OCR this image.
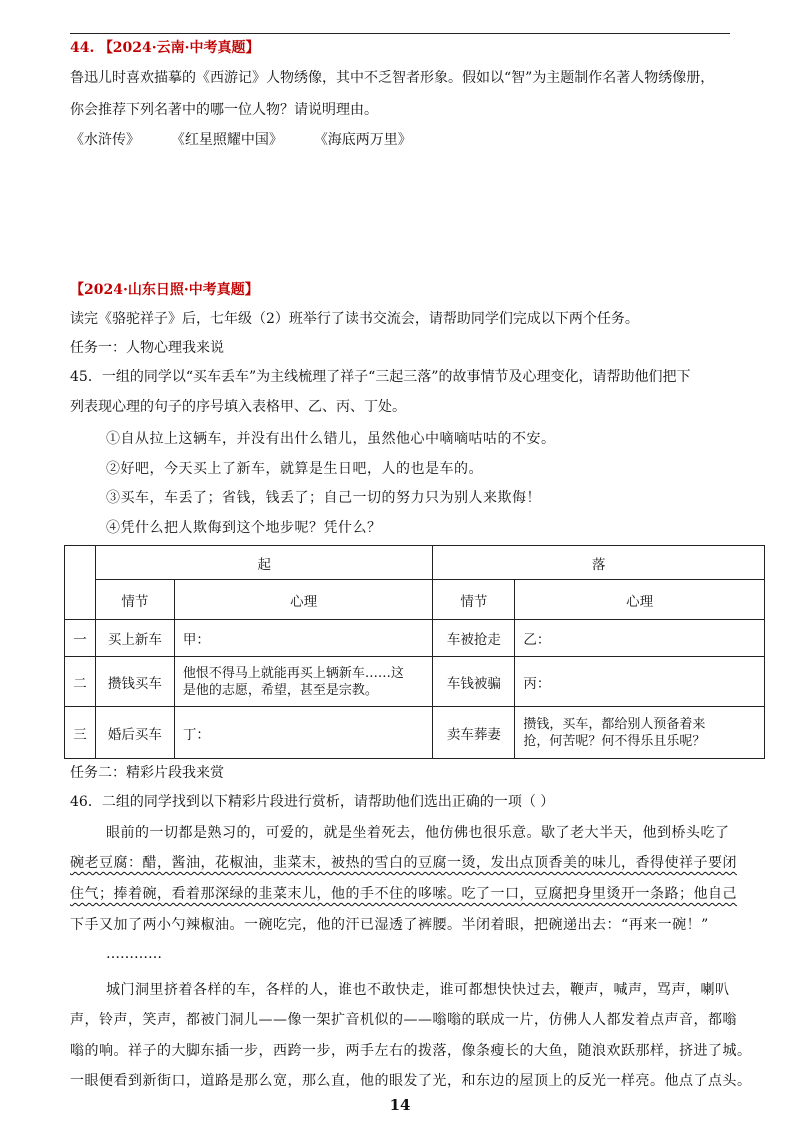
44. 【2024·云南·中考真题】
鲁迅儿时喜欢描摹的《西游记》人物绣像，其中不乏智者形象。假如以“智”为主题制作名著人物绣像册，
你会推荐下列名著中的哪一位人物？请说明理由。
《水浒传》 《红星照耀中国》 《海底两万里》
【2024·山东日照·中考真题】
读完《骆驼祥子》后，七年级（2）班举行了读书交流会，请帮助同学们完成以下两个任务。
任务一：人物心理我来说
45．一组的同学以“买车丢车”为主线梳理了祥子“三起三落”的故事情节及心理变化，请帮助他们把下
列表现心理的句子的序号填入表格甲、乙、丙、丁处。
①自从拉上这辆车，并没有出什么错儿，虽然他心中嘀嘀咕咕的不安。
②好吧，今天买上了新车，就算是生日吧，人的也是车的。
③买车，车丢了；省钱，钱丢了；自己一切的努力只为别人来欺侮！
④凭什么把人欺侮到这个地步呢？凭什么？
	起		落	
	情节	心理	情节	心理
一	买上新车	甲：	车被抢走	乙：
二	攒钱买车	他恨不得马上就能再买上辆新车……这
是他的志愿，希望，甚至是宗教。	车钱被骗	丙：
三	婚后买车	丁：	卖车葬妻	攒钱，买车，都给别人预备着来
抢，何苦呢？何不得乐且乐呢？
任务二：精彩片段我来赏
46．二组的同学找到以下精彩片段进行赏析，请帮助他们选出正确的一项（ ）
眼前的一切都是熟习的，可爱的，就是坐着死去，他仿佛也很乐意。歇了老大半天，他到桥头吃了
碗老豆腐：醋，酱油，花椒油，韭菜末，被热的雪白的豆腐一烫，发出点顶香美的味儿，香得使祥子要闭
住气；捧着碗，看着那深绿的韭菜末儿，他的手不住的哆嗦。吃了一口，豆腐把身里烫开一条路；他自己
下手又加了两小勺辣椒油。一碗吃完，他的汗已湿透了裤腰。半闭着眼，把碗递出去：“再来一碗！”
…………
城门洞里挤着各样的车，各样的人，谁也不敢快走，谁可都想快快过去，鞭声，喊声，骂声，喇叭
声，铃声，笑声，都被门洞儿——像一架扩音机似的——嗡嗡的联成一片，仿佛人人都发着点声音，都嗡
嗡的响。祥子的大脚东插一步，西跨一步，两手左右的拨落，像条瘦长的大鱼，随浪欢跃那样，挤进了城。
一眼便看到新街口，道路是那么宽，那么直，他的眼发了光，和东边的屋顶上的反光一样亮。他点了点头。
14
